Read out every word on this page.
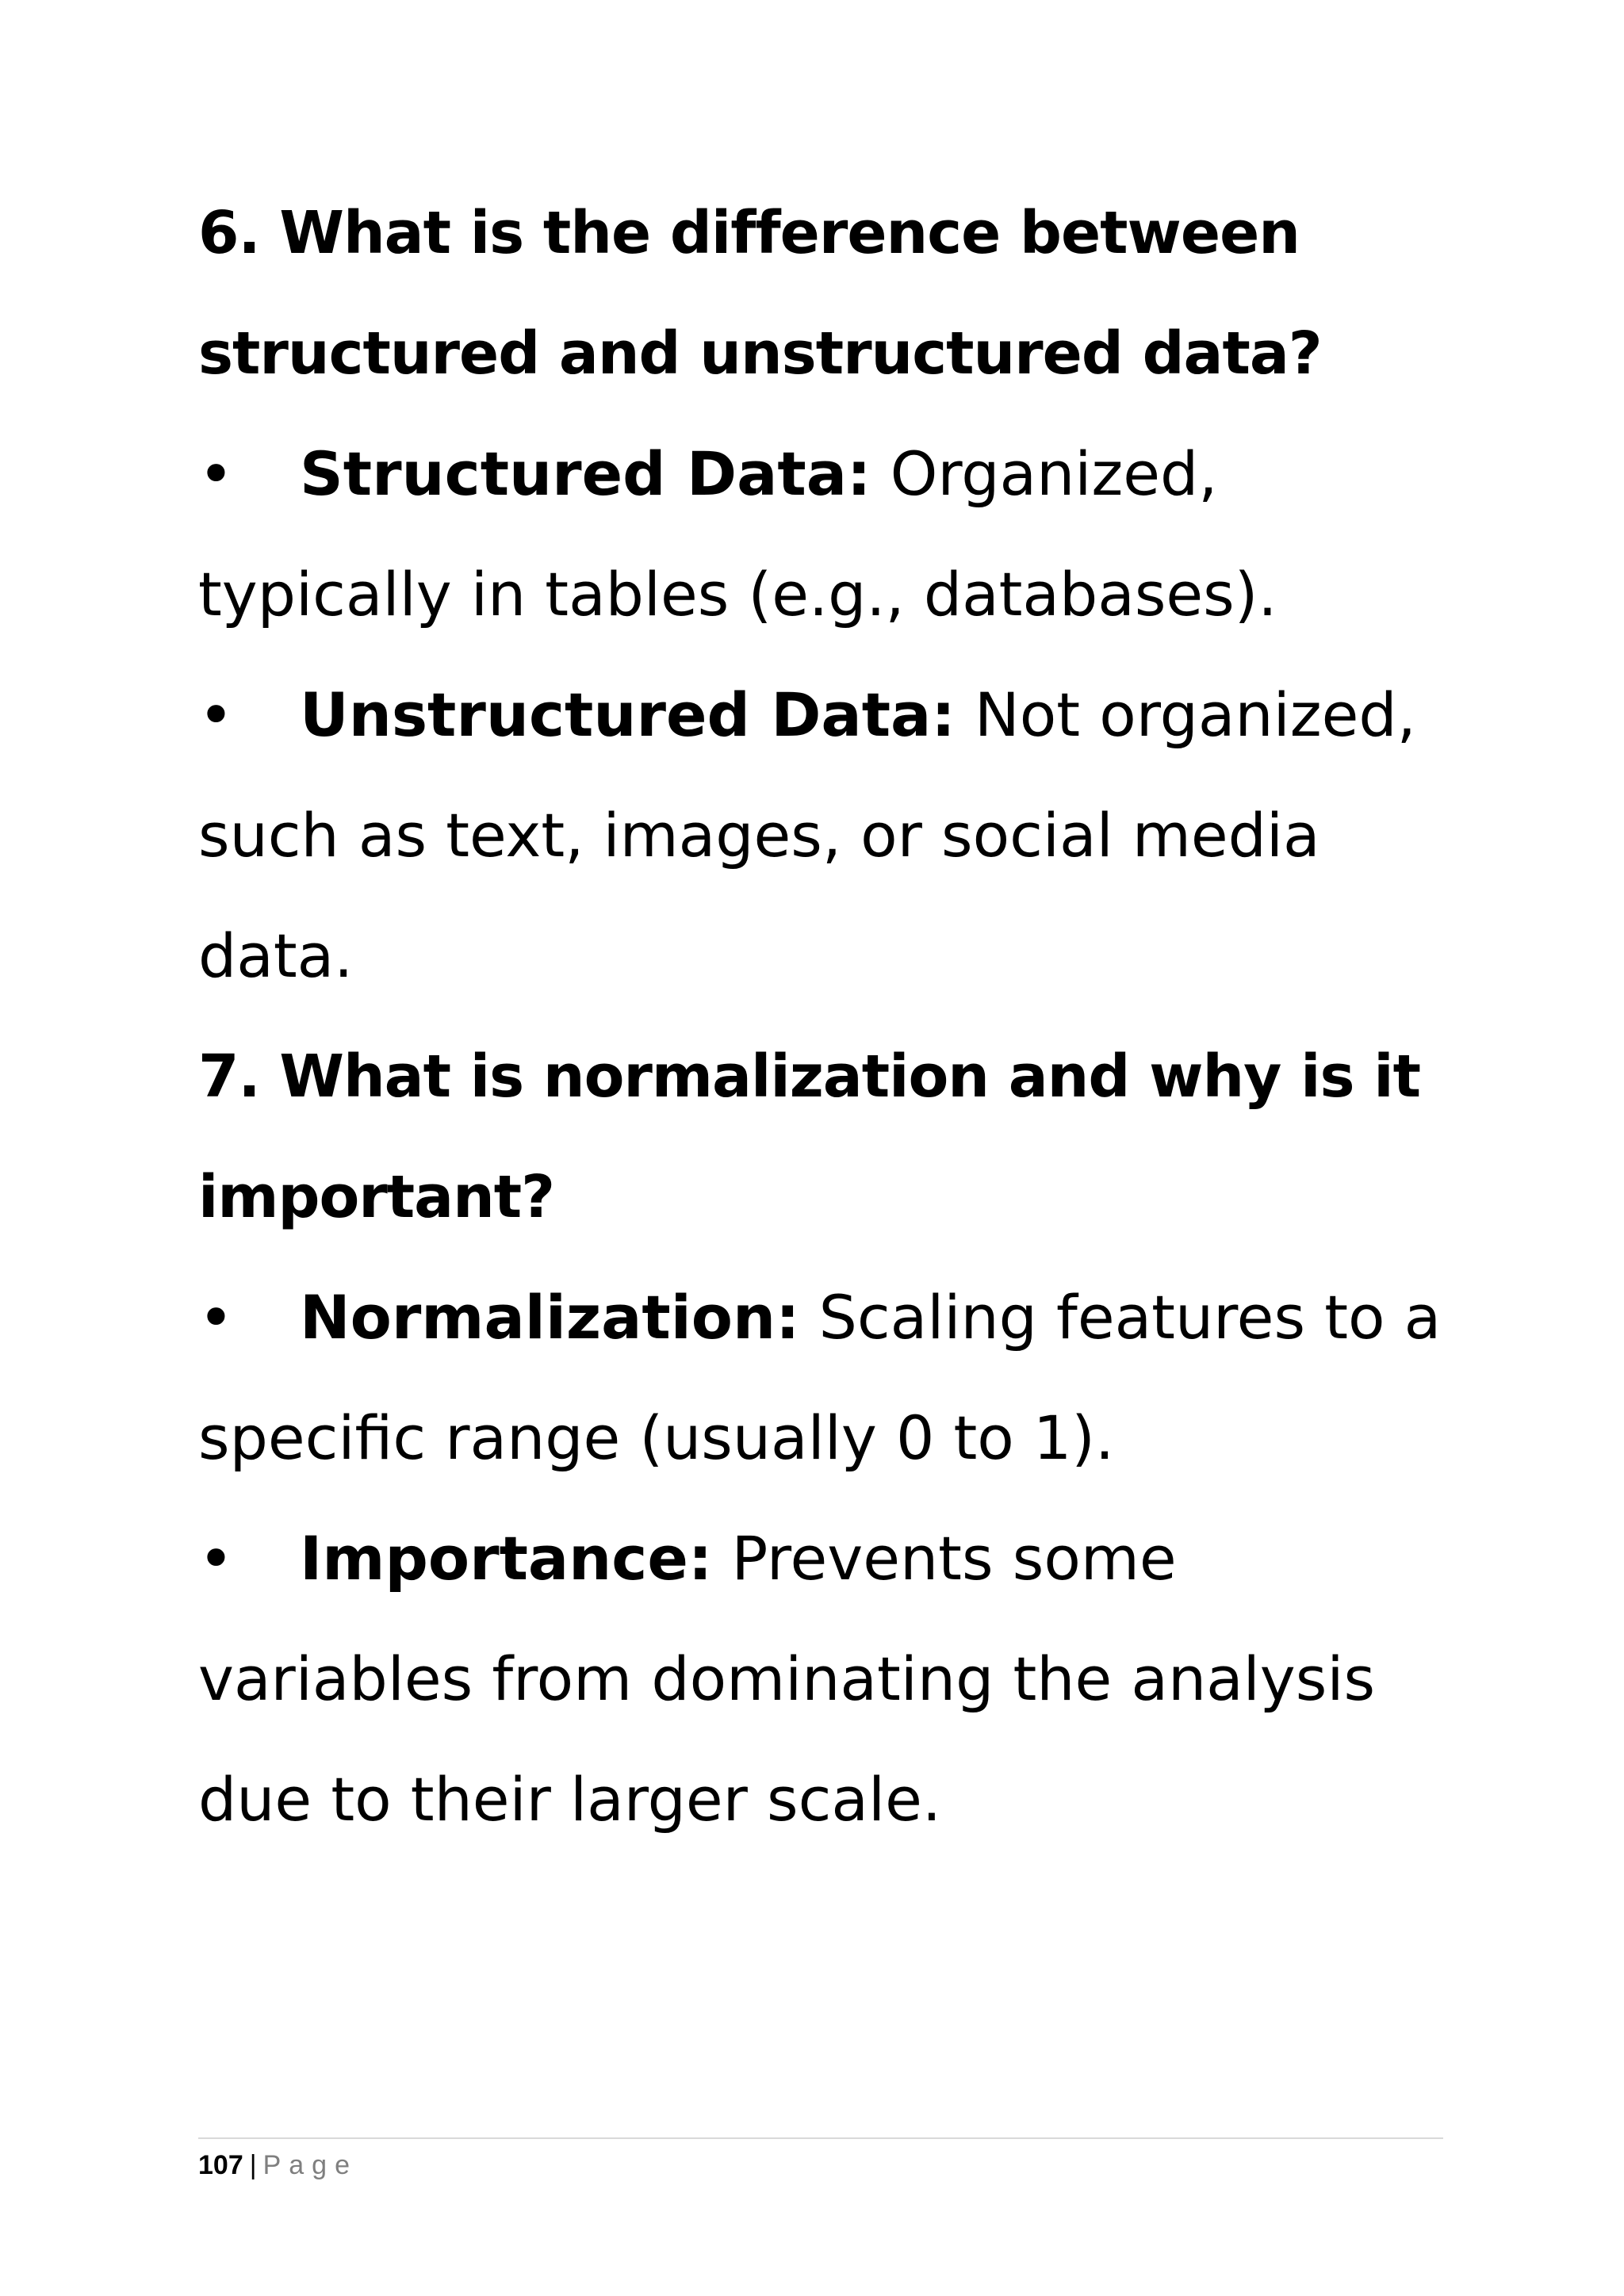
6. What is the difference between structured and unstructured data?

• Structured Data: Organized, typically in tables (e.g., databases).

• Unstructured Data: Not organized, such as text, images, or social media data.

7. What is normalization and why is it important?

• Normalization: Scaling features to a specific range (usually 0 to 1).

• Importance: Prevents some variables from dominating the analysis due to their larger scale.

107 | Page
